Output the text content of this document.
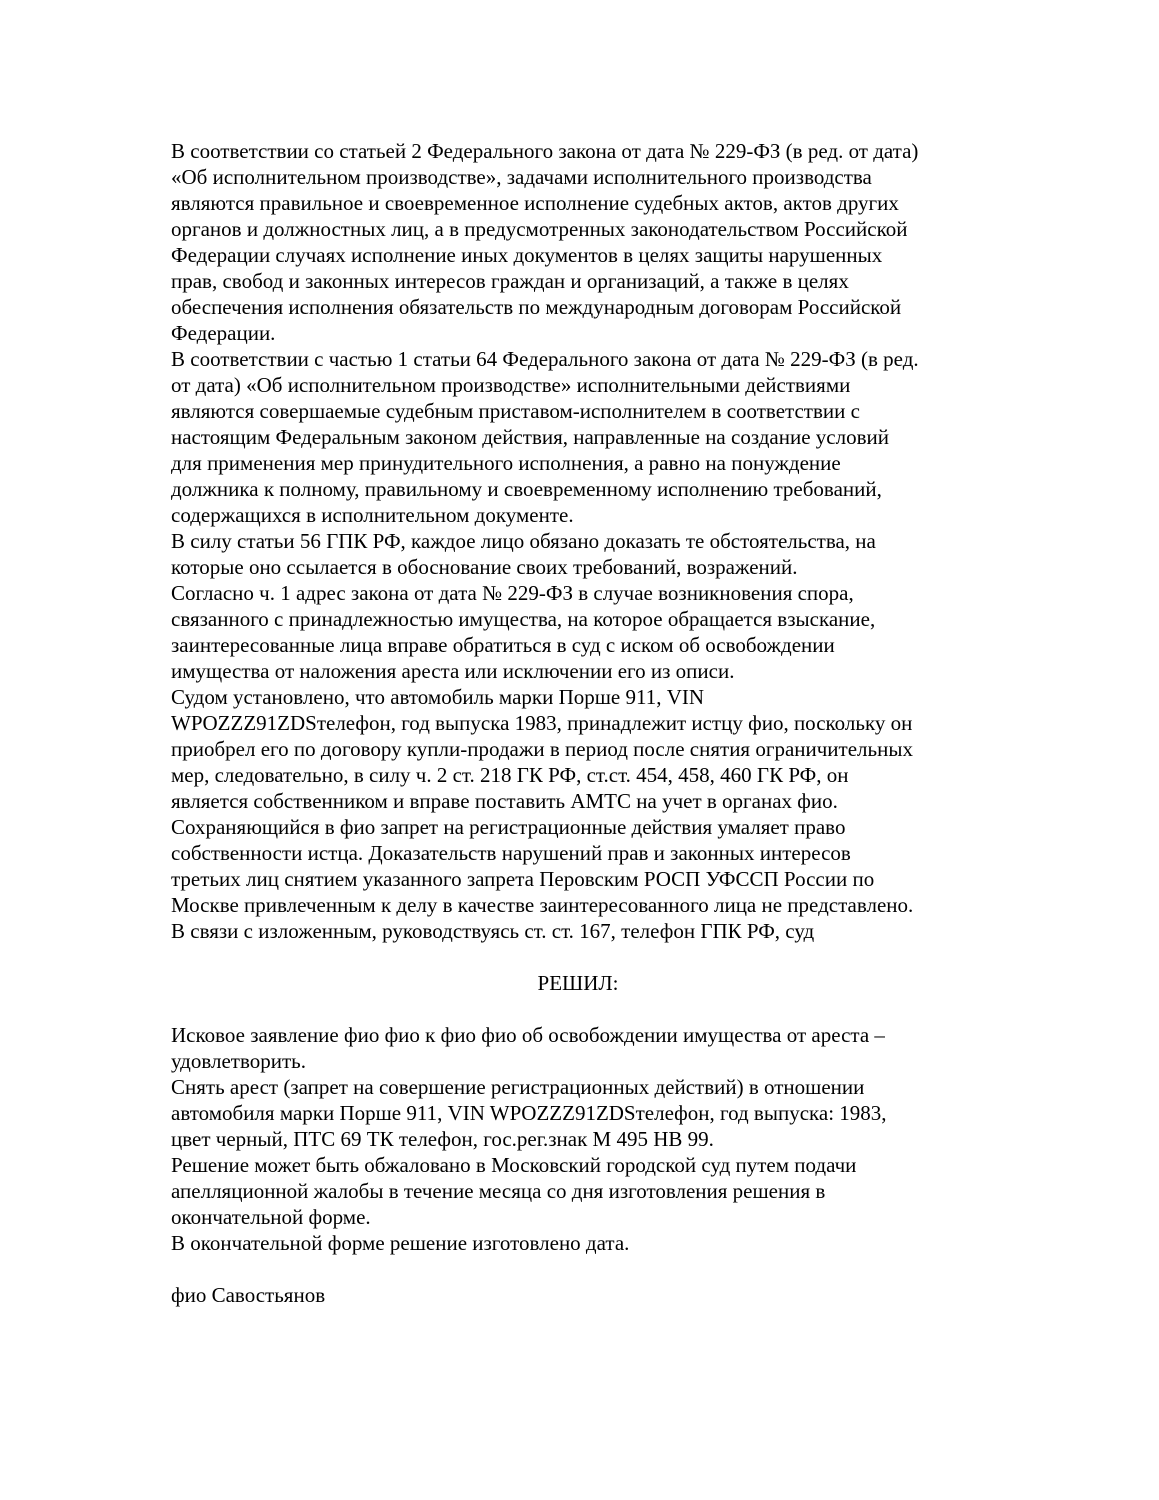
В соответствии со статьей 2 Федерального закона от дата № 229-ФЗ (в ред. от дата)
«Об исполнительном производстве», задачами исполнительного производства
являются правильное и своевременное исполнение судебных актов, актов других
органов и должностных лиц, а в предусмотренных законодательством Российской
Федерации случаях исполнение иных документов в целях защиты нарушенных
прав, свобод и законных интересов граждан и организаций, а также в целях
обеспечения исполнения обязательств по международным договорам Российской
Федерации.

В соответствии с частью 1 статьи 64 Федерального закона от дата № 229-ФЗ (в ред.
от дата) «Об исполнительном производстве» исполнительными действиями
являются совершаемые судебным приставом-исполнителем в соответствии с
настоящим Федеральным законом действия, направленные на создание условий
для применения мер принудительного исполнения, а равно на понуждение
должника к полному, правильному и своевременному исполнению требований,
содержащихся в исполнительном документе.

В силу статьи 56 ГПК РФ, каждое лицо обязано доказать те обстоятельства, на
которые оно ссылается в обоснование своих требований, возражений.

Согласно ч. 1 адрес закона от дата № 229-ФЗ в случае возникновения спора,
связанного с принадлежностью имущества, на которое обращается взыскание,
заинтересованные лица вправе обратиться в суд с иском об освобождении
имущества от наложения ареста или исключении его из описи.

Судом установлено, что автомобиль марки Порше 911, VIN
WPOZZZ91ZDSтелефон, год выпуска 1983, принадлежит истцу фио, поскольку он
приобрел его по договору купли-продажи в период после снятия ограничительных
мер, следовательно, в силу ч. 2 ст. 218 ГК РФ, ст.ст. 454, 458, 460 ГК РФ, он
является собственником и вправе поставить АМТС на учет в органах фио.

Сохраняющийся в фио запрет на регистрационные действия умаляет право
собственности истца. Доказательств нарушений прав и законных интересов
третьих лиц снятием указанного запрета Перовским РОСП УФССП России по
Москве привлеченным к делу в качестве заинтересованного лица не представлено.

В связи с изложенным, руководствуясь ст. ст. 167, телефон ГПК РФ, суд

РЕШИЛ:

Исковое заявление фио фио к фио фио об освобождении имущества от ареста –
удовлетворить.

Снять арест (запрет на совершение регистрационных действий) в отношении
автомобиля марки Порше 911, VIN WPOZZZ91ZDSтелефон, год выпуска: 1983,
цвет черный, ПТС 69 ТК телефон, гос.рег.знак М 495 НВ 99.

Решение может быть обжаловано в Московский городской суд путем подачи
апелляционной жалобы в течение месяца со дня изготовления решения в
окончательной форме.

В окончательной форме решение изготовлено дата.

фио Савостьянов
